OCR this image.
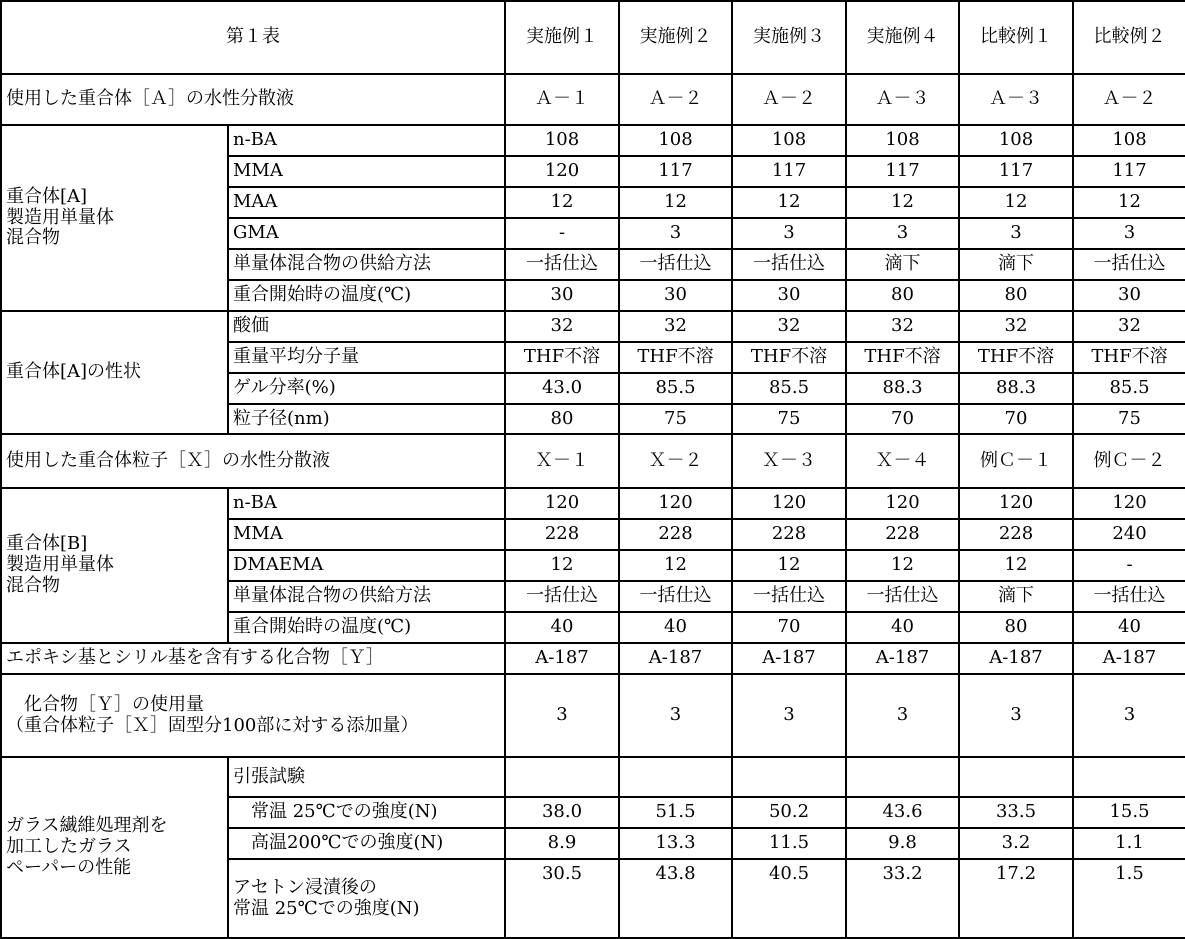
第１表		実施例１	実施例２	実施例３	実施例４	比較例１	比較例２
使用した重合体［Ａ］の水性分散液		Ａ－１	Ａ－２	Ａ－２	Ａ－３	Ａ－３	Ａ－２
重合体[A]
製造用単量体
混合物	n-BA	108	108	108	108	108	108
	MMA	120	117	117	117	117	117
	MAA	12	12	12	12	12	12
	GMA	-	3	3	3	3	3
	単量体混合物の供給方法	一括仕込	一括仕込	一括仕込	滴下	滴下	一括仕込
	重合開始時の温度(℃)	30	30	30	80	80	30
重合体[A]の性状	酸価	32	32	32	32	32	32
	重量平均分子量	THF不溶	THF不溶	THF不溶	THF不溶	THF不溶	THF不溶
	ゲル分率(%)	43.0	85.5	85.5	88.3	88.3	85.5
	粒子径(nm)	80	75	75	70	70	75
使用した重合体粒子［Ｘ］の水性分散液		Ｘ－１	Ｘ－２	Ｘ－３	Ｘ－４	例Ｃ－１	例Ｃ－２
重合体[B]
製造用単量体
混合物	n-BA	120	120	120	120	120	120
	MMA	228	228	228	228	228	240
	DMAEMA	12	12	12	12	12	-
	単量体混合物の供給方法	一括仕込	一括仕込	一括仕込	一括仕込	滴下	一括仕込
	重合開始時の温度(℃)	40	40	70	40	80	40
エポキシ基とシリル基を含有する化合物［Ｙ］		A-187	A-187	A-187	A-187	A-187	A-187
　化合物［Ｙ］の使用量
（重合体粒子［Ｘ］固型分100部に対する添加量）		3	3	3	3	3	3
ガラス繊維処理剤を
加工したガラス
ペーパーの性能	引張試験						
	　常温 25℃での強度(N)	38.0	51.5	50.2	43.6	33.5	15.5
	　高温200℃での強度(N)	8.9	13.3	11.5	9.8	3.2	1.1
	アセトン浸漬後の
常温 25℃での強度(N)	30.5	43.8	40.5	33.2	17.2	1.5
